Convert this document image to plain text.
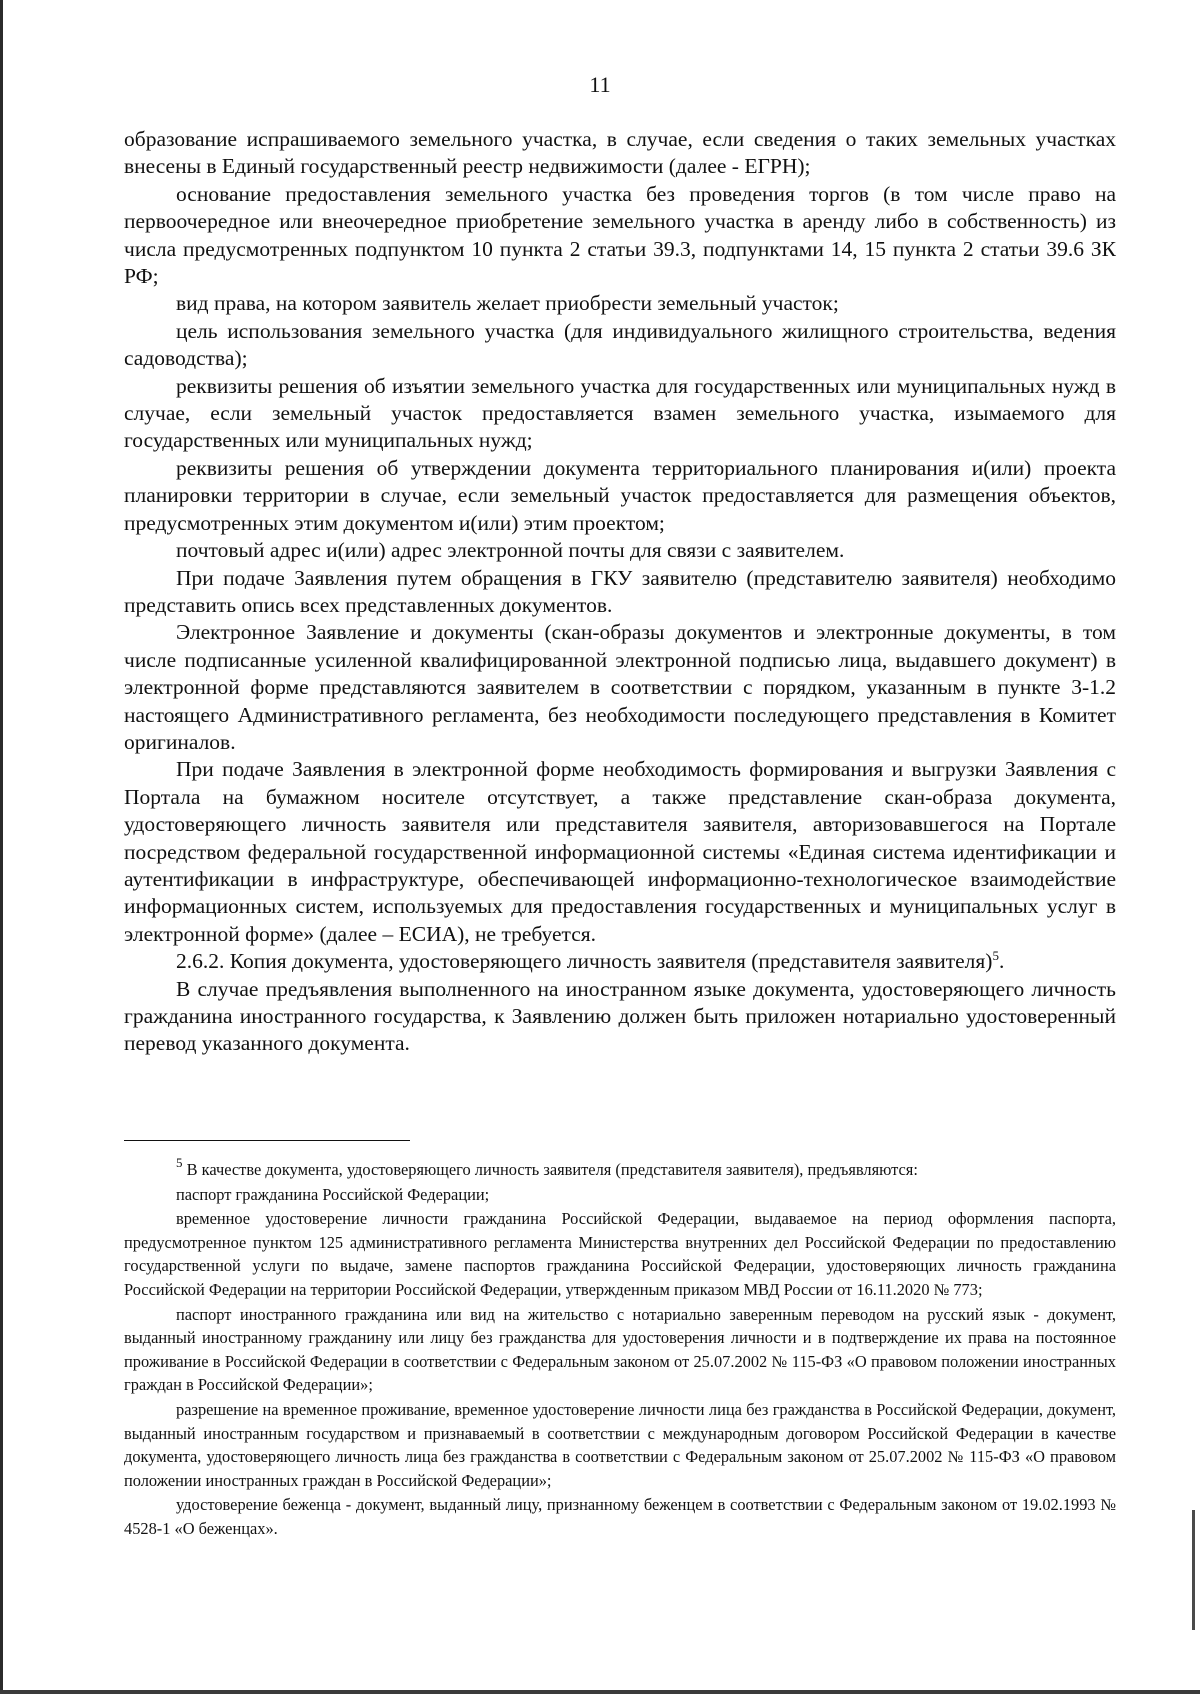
11

образование испрашиваемого земельного участка, в случае, если сведения о таких земельных участках внесены в Единый государственный реестр недвижимости (далее - ЕГРН);

основание предоставления земельного участка без проведения торгов (в том числе право на первоочередное или внеочередное приобретение земельного участка в аренду либо в собственность) из числа предусмотренных подпунктом 10 пункта 2 статьи 39.3, подпунктами 14, 15 пункта 2 статьи 39.6 ЗК РФ;

вид права, на котором заявитель желает приобрести земельный участок;

цель использования земельного участка (для индивидуального жилищного строительства, ведения садоводства);

реквизиты решения об изъятии земельного участка для государственных или муниципальных нужд в случае, если земельный участок предоставляется взамен земельного участка, изымаемого для государственных или муниципальных нужд;

реквизиты решения об утверждении документа территориального планирования и(или) проекта планировки территории в случае, если земельный участок предоставляется для размещения объектов, предусмотренных этим документом и(или) этим проектом;

почтовый адрес и(или) адрес электронной почты для связи с заявителем.

При подаче Заявления путем обращения в ГКУ заявителю (представителю заявителя) необходимо представить опись всех представленных документов.

Электронное Заявление и документы (скан-образы документов и электронные документы, в том числе подписанные усиленной квалифицированной электронной подписью лица, выдавшего документ) в электронной форме представляются заявителем в соответствии с порядком, указанным в пункте 3-1.2 настоящего Административного регламента, без необходимости последующего представления в Комитет оригиналов.

При подаче Заявления в электронной форме необходимость формирования и выгрузки Заявления с Портала на бумажном носителе отсутствует, а также представление скан-образа документа, удостоверяющего личность заявителя или представителя заявителя, авторизовавшегося на Портале посредством федеральной государственной информационной системы «Единая система идентификации и аутентификации в инфраструктуре, обеспечивающей информационно-технологическое взаимодействие информационных систем, используемых для предоставления государственных и муниципальных услуг в электронной форме» (далее – ЕСИА), не требуется.

2.6.2. Копия документа, удостоверяющего личность заявителя (представителя заявителя)$^5$.

В случае предъявления выполненного на иностранном языке документа, удостоверяющего личность гражданина иностранного государства, к Заявлению должен быть приложен нотариально удостоверенный перевод указанного документа.

$^5$ В качестве документа, удостоверяющего личность заявителя (представителя заявителя), предъявляются:

паспорт гражданина Российской Федерации;

временное удостоверение личности гражданина Российской Федерации, выдаваемое на период оформления паспорта, предусмотренное пунктом 125 административного регламента Министерства внутренних дел Российской Федерации по предоставлению государственной услуги по выдаче, замене паспортов гражданина Российской Федерации, удостоверяющих личность гражданина Российской Федерации на территории Российской Федерации, утвержденным приказом МВД России от 16.11.2020 № 773;

паспорт иностранного гражданина или вид на жительство с нотариально заверенным переводом на русский язык - документ, выданный иностранному гражданину или лицу без гражданства для удостоверения личности и в подтверждение их права на постоянное проживание в Российской Федерации в соответствии с Федеральным законом от 25.07.2002 № 115-ФЗ «О правовом положении иностранных граждан в Российской Федерации»;

разрешение на временное проживание, временное удостоверение личности лица без гражданства в Российской Федерации, документ, выданный иностранным государством и признаваемый в соответствии с международным договором Российской Федерации в качестве документа, удостоверяющего личность лица без гражданства в соответствии с Федеральным законом от 25.07.2002 № 115-ФЗ «О правовом положении иностранных граждан в Российской Федерации»;

удостоверение беженца - документ, выданный лицу, признанному беженцем в соответствии с Федеральным законом от 19.02.1993 № 4528-1 «О беженцах».
